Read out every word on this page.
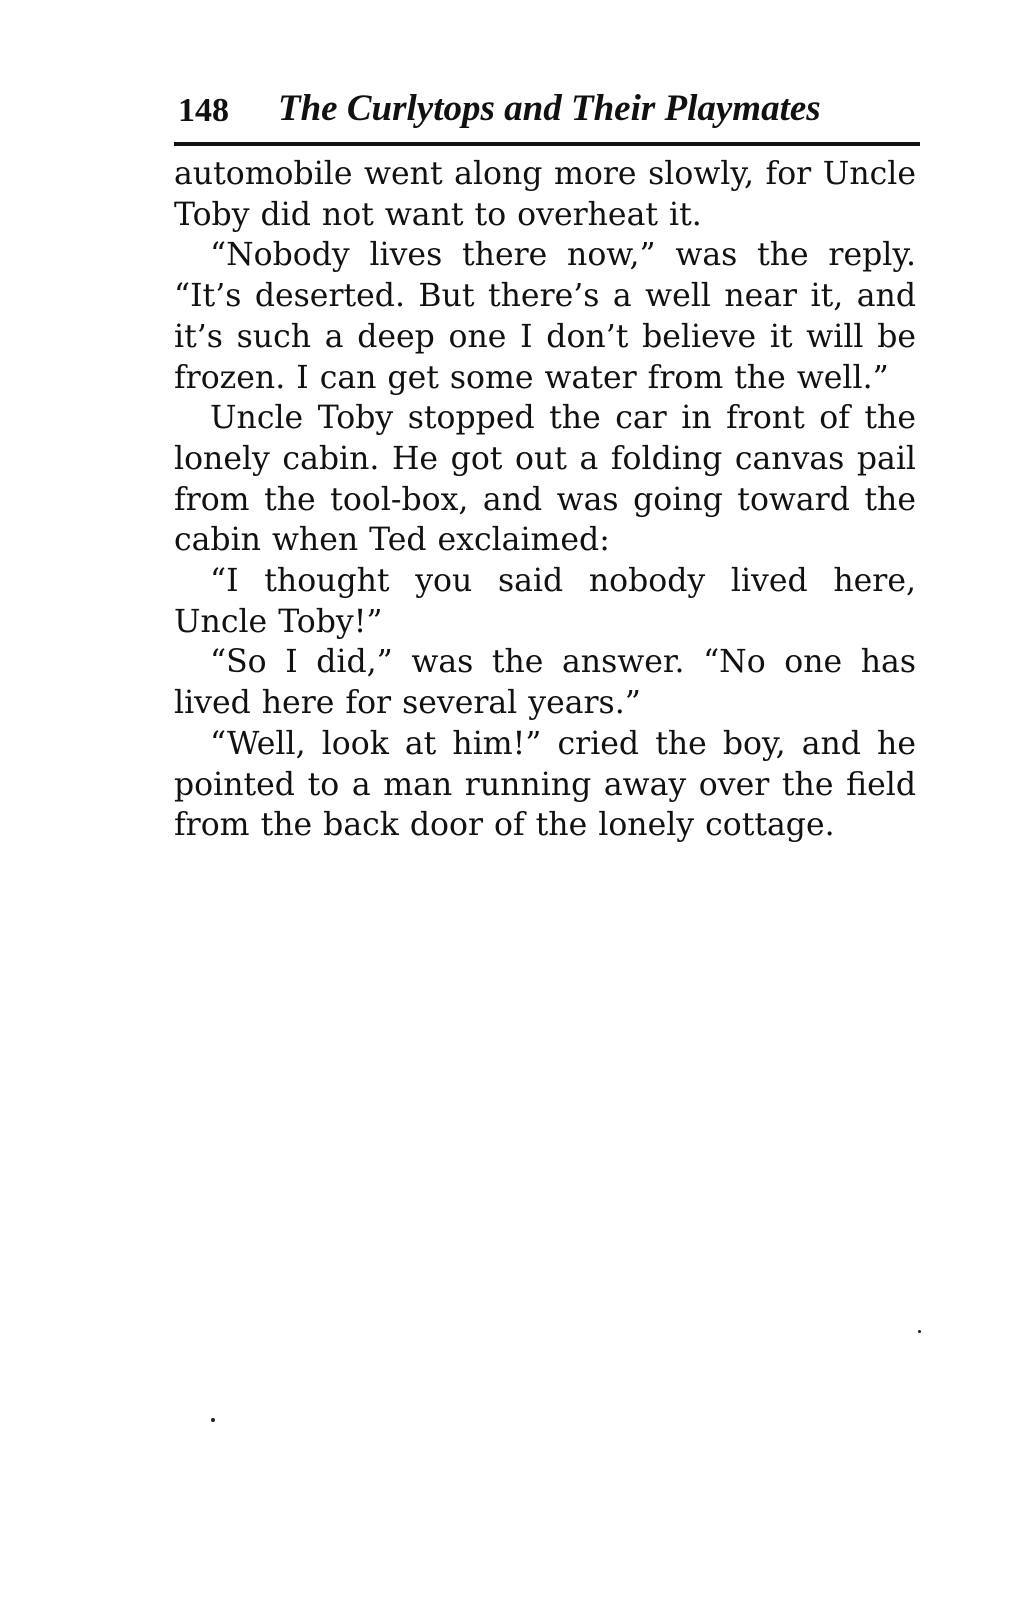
148 The Curlytops and Their Playmates

automobile went along more slowly, for Uncle Toby did not want to overheat it.

“Nobody lives there now,” was the reply. “It’s deserted. But there’s a well near it, and it’s such a deep one I don’t believe it will be frozen. I can get some water from the well.”

Uncle Toby stopped the car in front of the lonely cabin. He got out a folding canvas pail from the tool-box, and was going toward the cabin when Ted exclaimed:

“I thought you said nobody lived here, Uncle Toby!”

“So I did,” was the answer. “No one has lived here for several years.”

“Well, look at him!” cried the boy, and he pointed to a man running away over the field from the back door of the lonely cottage.
